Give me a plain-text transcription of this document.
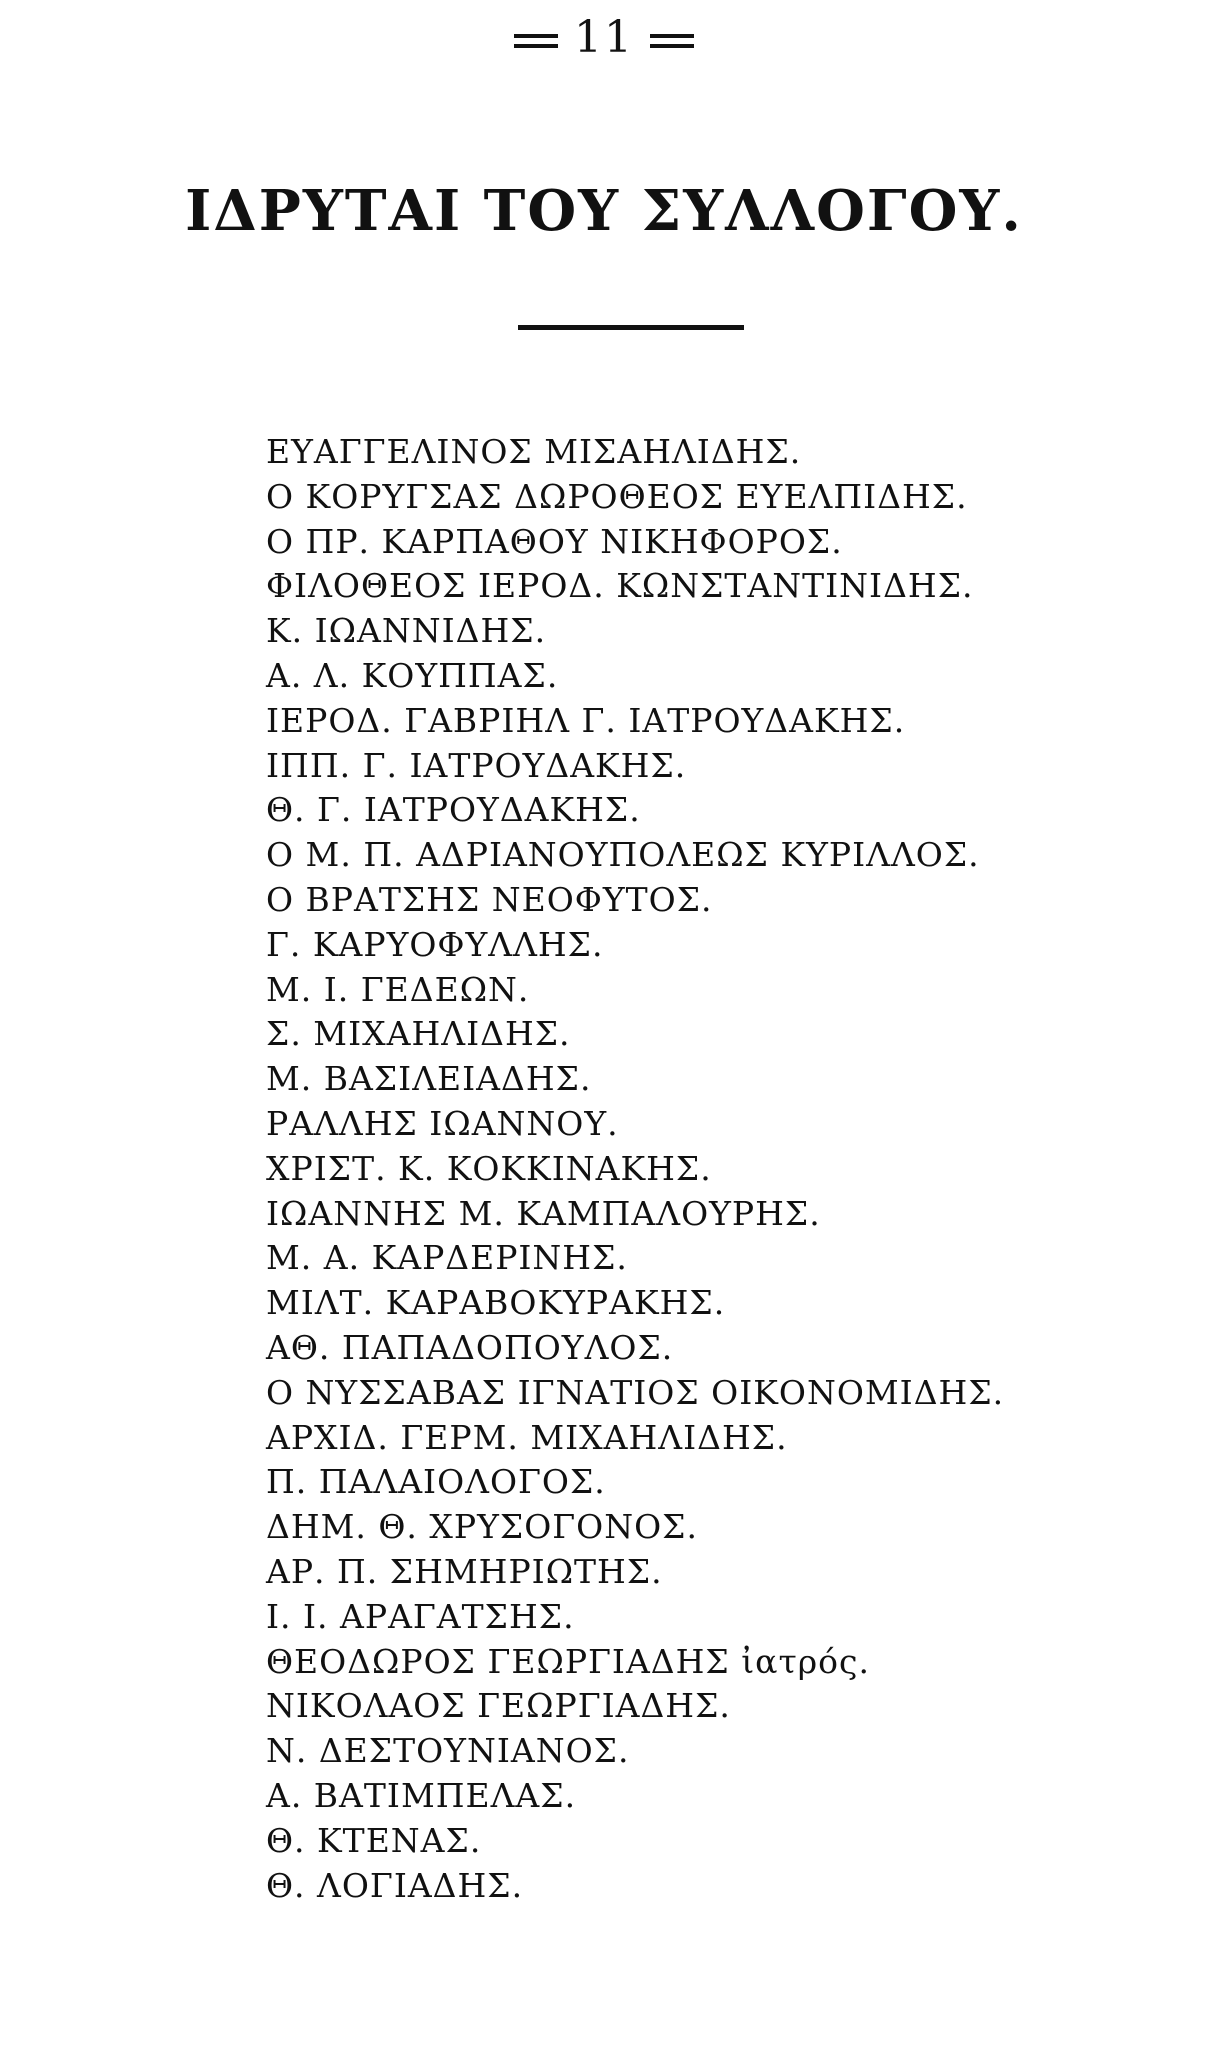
11
ΙΔΡΥΤΑΙ ΤΟΥ ΣΥΛΛΟΓΟΥ.
ΕΥΑΓΓΕΛΙΝΟΣ ΜΙΣΑΗΛΙΔΗΣ.
Ο ΚΟΡΥΓΣΑΣ ΔΩΡΟΘΕΟΣ ΕΥΕΛΠΙΔΗΣ.
Ο ΠΡ. ΚΑΡΠΑΘΟΥ ΝΙΚΗΦΟΡΟΣ.
ΦΙΛΟΘΕΟΣ ΙΕΡΟΔ. ΚΩΝΣΤΑΝΤΙΝΙΔΗΣ.
Κ. ΙΩΑΝΝΙΔΗΣ.
Α. Λ. ΚΟΥΠΠΑΣ.
ΙΕΡΟΔ. ΓΑΒΡΙΗΛ Γ. ΙΑΤΡΟΥΔΑΚΗΣ.
ΙΠΠ. Γ. ΙΑΤΡΟΥΔΑΚΗΣ.
Θ. Γ. ΙΑΤΡΟΥΔΑΚΗΣ.
Ο Μ. Π. ΑΔΡΙΑΝΟΥΠΟΛΕΩΣ ΚΥΡΙΛΛΟΣ.
Ο ΒΡΑΤΣΗΣ ΝΕΟΦΥΤΟΣ.
Γ. ΚΑΡΥΟΦΥΛΛΗΣ.
Μ. Ι. ΓΕΔΕΩΝ.
Σ. ΜΙΧΑΗΛΙΔΗΣ.
Μ. ΒΑΣΙΛΕΙΑΔΗΣ.
ΡΑΛΛΗΣ ΙΩΑΝΝΟΥ.
ΧΡΙΣΤ. Κ. ΚΟΚΚΙΝΑΚΗΣ.
ΙΩΑΝΝΗΣ Μ. ΚΑΜΠΑΛΟΥΡΗΣ.
Μ. Α. ΚΑΡΔΕΡΙΝΗΣ.
ΜΙΛΤ. ΚΑΡΑΒΟΚΥΡΑΚΗΣ.
ΑΘ. ΠΑΠΑΔΟΠΟΥΛΟΣ.
Ο ΝΥΣΣΑΒΑΣ ΙΓΝΑΤΙΟΣ ΟΙΚΟΝΟΜΙΔΗΣ.
ΑΡΧΙΔ. ΓΕΡΜ. ΜΙΧΑΗΛΙΔΗΣ.
Π. ΠΑΛΑΙΟΛΟΓΟΣ.
ΔΗΜ. Θ. ΧΡΥΣΟΓΟΝΟΣ.
ΑΡ. Π. ΣΗΜΗΡΙΩΤΗΣ.
Ι. Ι. ΑΡΑΓΑΤΣΗΣ.
ΘΕΟΔΩΡΟΣ ΓΕΩΡΓΙΑΔΗΣ ἰατρός.
ΝΙΚΟΛΑΟΣ ΓΕΩΡΓΙΑΔΗΣ.
Ν. ΔΕΣΤΟΥΝΙΑΝΟΣ.
Α. ΒΑΤΙΜΠΕΛΑΣ.
Θ. ΚΤΕΝΑΣ.
Θ. ΛΟΓΙΑΔΗΣ.
